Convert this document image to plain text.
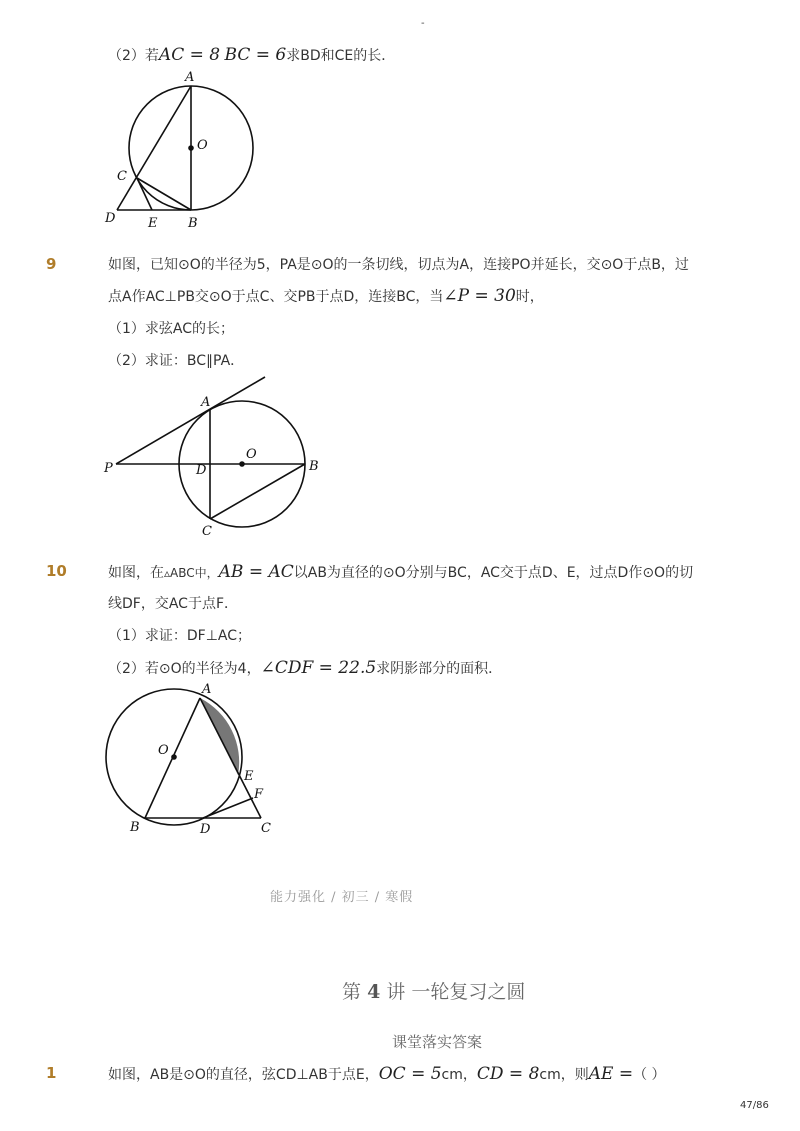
-
（2）若AC = 8 BC = 6求BD和CE的长．
A
O
C
D	E B
9	如图，已知⊙O的半径为5，PA是⊙O的一条切线，切点为A，连接PO并延长，交⊙O于点B，过
点A作AC⊥PB交⊙O于点C、交PB于点D，连接BC，当∠P = 30时，
（1）求弦AC的长；
（2）求证：BC∥PA．
A
O
P	D	B
C
10	如图，在▵ABC中，AB = AC以AB为直径的⊙O分别与BC，AC交于点D、E，过点D作⊙O的切
线DF，交AC于点F．
（1）求证：DF⊥AC；
（2）若⊙O的半径为4，∠CDF = 22.5求阴影部分的面积．
A
O
E
F
B	D	C
能力强化 / 初三 / 寒假
第 4 讲 一轮复习之圆
课堂落实答案
1	如图，AB是⊙O的直径，弦CD⊥AB于点E，OC = 5cm，CD = 8cm，则AE =（ ）
47/86
